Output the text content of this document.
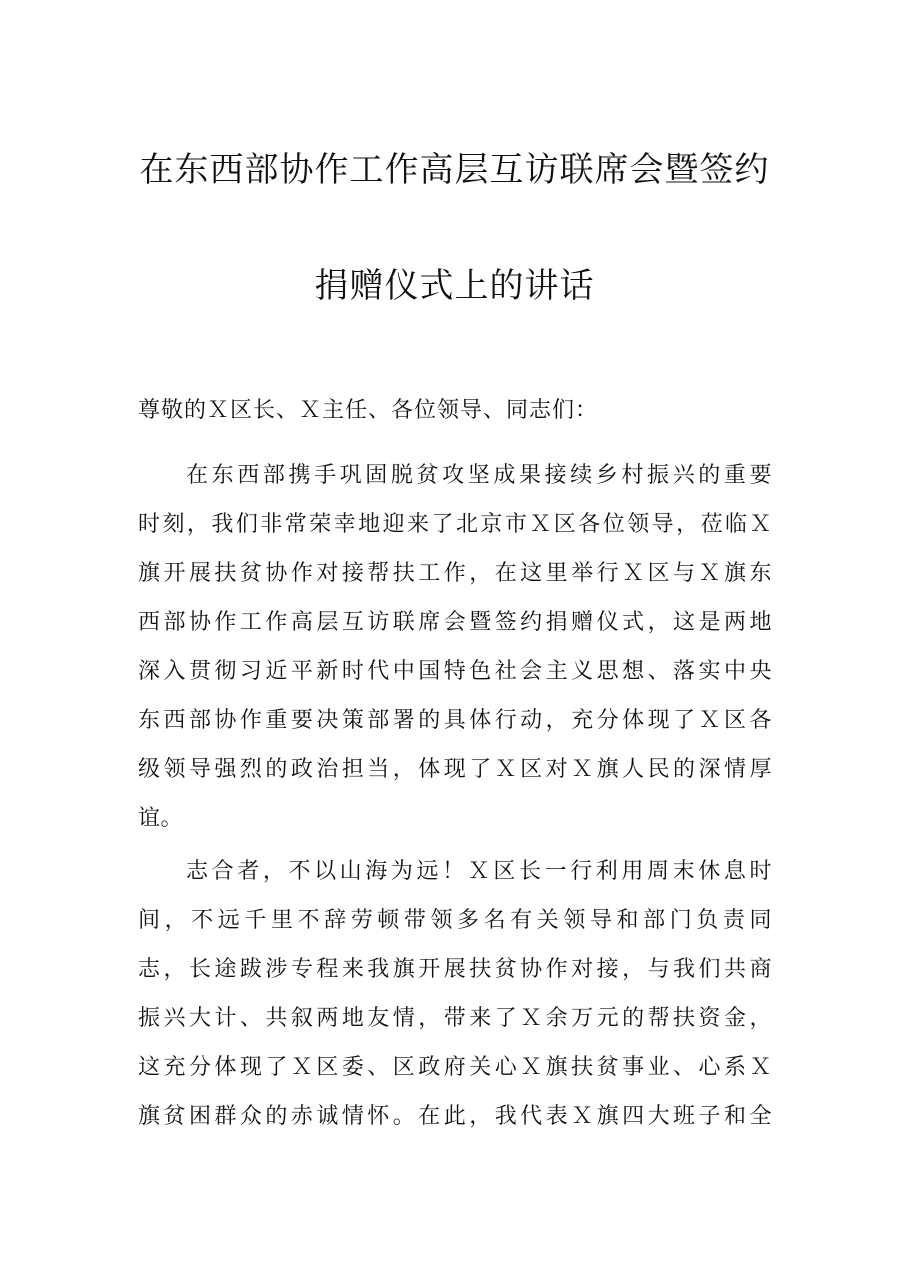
在东西部协作工作高层互访联席会暨签约
捐赠仪式上的讲话
尊敬的Ｘ区长、Ｘ主任、各位领导、同志们：
在东西部携手巩固脱贫攻坚成果接续乡村振兴的重要
时刻，我们非常荣幸地迎来了北京市Ｘ区各位领导，莅临Ｘ
旗开展扶贫协作对接帮扶工作，在这里举行Ｘ区与Ｘ旗东
西部协作工作高层互访联席会暨签约捐赠仪式，这是两地
深入贯彻习近平新时代中国特色社会主义思想、落实中央
东西部协作重要决策部署的具体行动，充分体现了Ｘ区各
级领导强烈的政治担当，体现了Ｘ区对Ｘ旗人民的深情厚
谊。
志合者，不以山海为远！Ｘ区长一行利用周末休息时
间，不远千里不辞劳顿带领多名有关领导和部门负责同
志，长途跋涉专程来我旗开展扶贫协作对接，与我们共商
振兴大计、共叙两地友情，带来了Ｘ余万元的帮扶资金，
这充分体现了Ｘ区委、区政府关心Ｘ旗扶贫事业、心系Ｘ
旗贫困群众的赤诚情怀。在此，我代表Ｘ旗四大班子和全
